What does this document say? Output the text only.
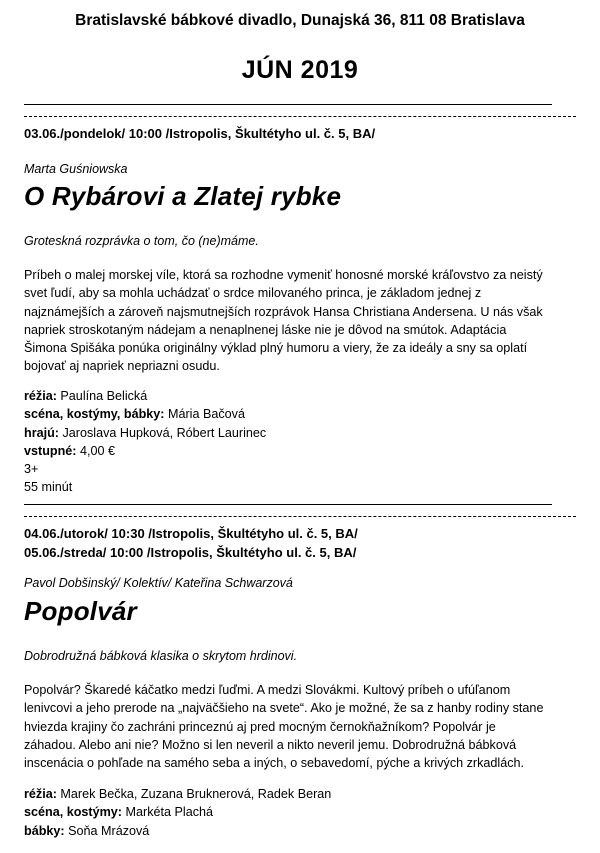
Bratislavské bábkové divadlo, Dunajská 36, 811 08 Bratislava
JÚN 2019
03.06./pondelok/ 10:00 /Istropolis, Škultétyho ul. č. 5, BA/
Marta Guśniowska
O Rybárovi a Zlatej rybke
Groteskná rozprávka o tom, čo (ne)máme.
Príbeh o malej morskej víle, ktorá sa rozhodne vymeniť honosné morské kráľovstvo za neistý
svet ľudí, aby sa mohla uchádzať o srdce milovaného princa, je základom jednej z
najznámejších a zároveň najsmutnejších rozprávok Hansa Christiana Andersena. U nás však
napriek stroskotaným nádejam a nenaplnenej láske nie je dôvod na smútok. Adaptácia
Šimona Spišáka ponúka originálny výklad plný humoru a viery, že za ideály a sny sa oplatí
bojovať aj napriek nepriazni osudu.
réžia: Paulína Belická
scéna, kostýmy, bábky: Mária Bačová
hrajú: Jaroslava Hupková, Róbert Laurinec
vstupné: 4,00 €
3+
55 minút
04.06./utorok/ 10:30 /Istropolis, Škultétyho ul. č. 5, BA/
05.06./streda/ 10:00 /Istropolis, Škultétyho ul. č. 5, BA/
Pavol Dobšinský/ Kolektív/ Kateřina Schwarzová
Popolvár
Dobrodružná bábková klasika o skrytom hrdinovi.
Popolvár? Škaredé káčatko medzi ľuďmi. A medzi Slovákmi. Kultový príbeh o ufúľanom
lenivcovi a jeho prerode na „najväčšieho na svete“. Ako je možné, že sa z hanby rodiny stane
hviezda krajiny čo zachráni princeznú aj pred mocným černokňažníkom? Popolvár je
záhadou. Alebo ani nie? Možno si len neveril a nikto neveril jemu. Dobrodružná bábková
inscenácia o pohľade na samého seba a iných, o sebavedomí, pýche a krivých zrkadlách.
réžia: Marek Bečka, Zuzana Bruknerová, Radek Beran
scéna, kostýmy: Markéta Plachá
bábky: Soňa Mrázová
